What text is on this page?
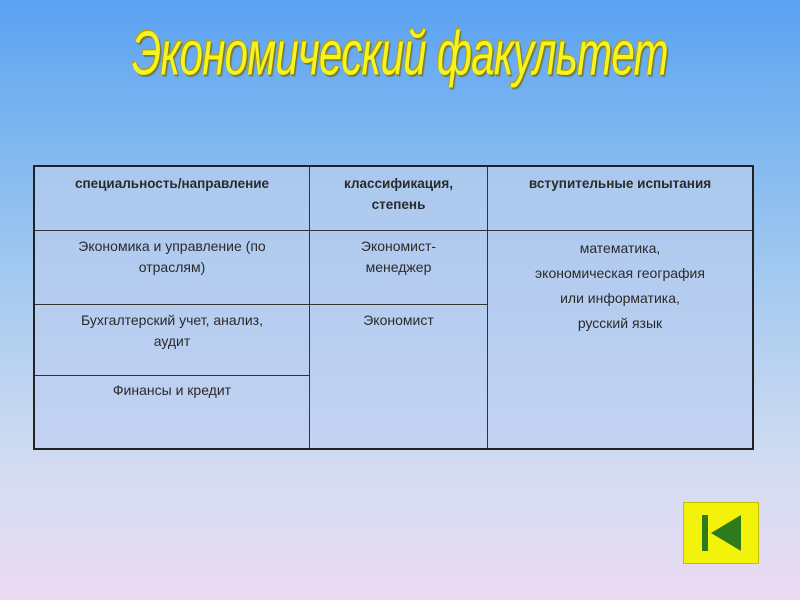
Экономический факультет
специальность/направление	классификация, степень
вступительные испытания
Экономика и управление (по отраслям)
Бухгалтерский учет, анализ, аудит
Финансы и кредит
Экономист-менеджер
Экономист
математика,
экономическая география
или информатика,
русский язык
